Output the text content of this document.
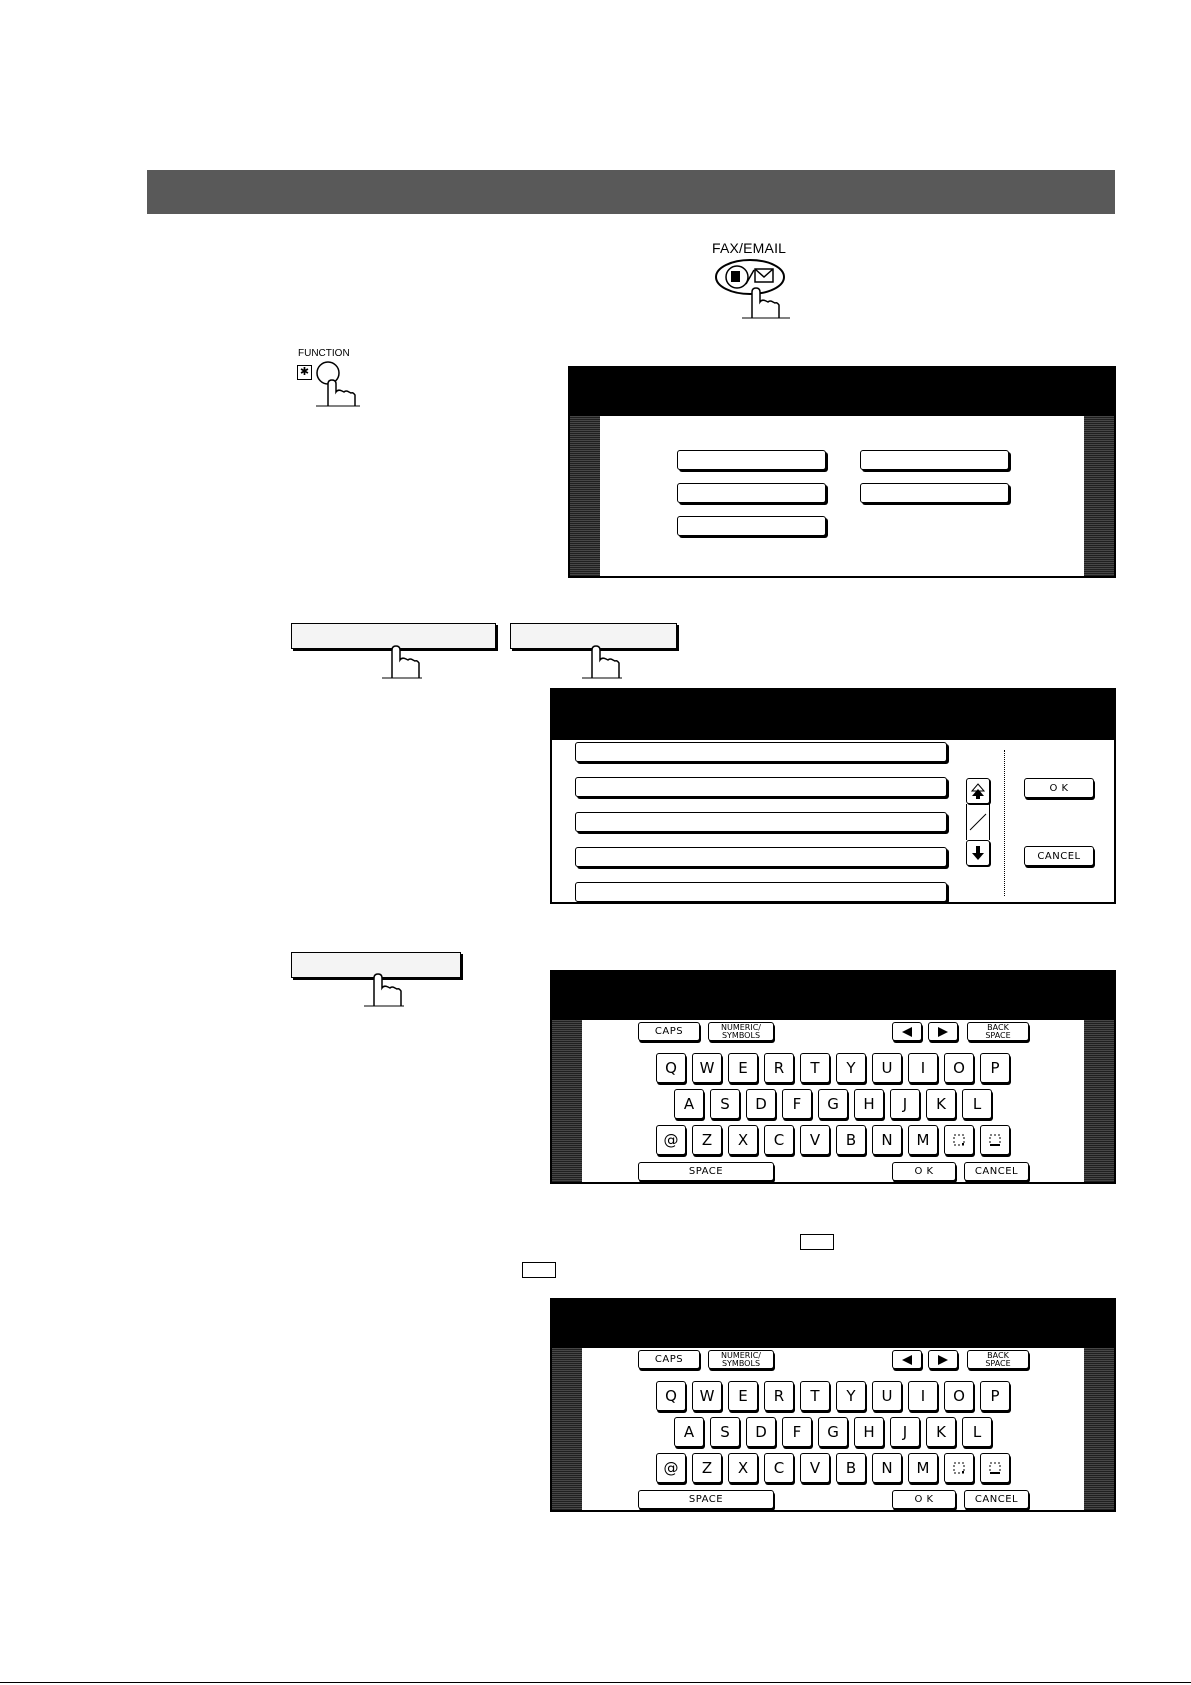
FAX/EMAIL
FUNCTION
✱
O K
CANCEL
CAPS	NUMERIC/
SYMBOLS
BACK
SPACE
Q	W	E	R	T	Y	U	I	O	P
A	S	D	F	G	H	J	K	L
@	Z	X	C	V	B	N	M
SPACE	O K	CANCEL
CAPS	NUMERIC/
SYMBOLS
BACK
SPACE
Q	W	E	R	T	Y	U	I	O	P
A	S	D	F	G	H	J	K	L
@	Z	X	C	V	B	N	M
SPACE	O K	CANCEL
